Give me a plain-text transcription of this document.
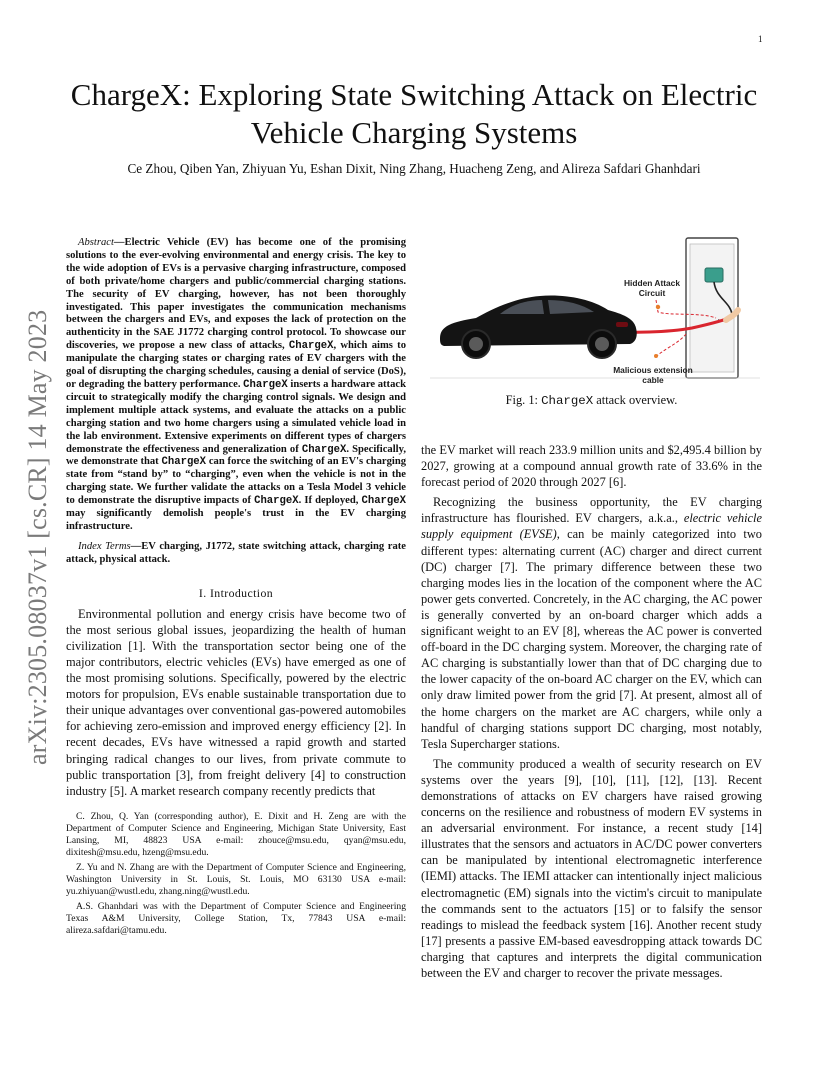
1
arXiv:2305.08037v1 [cs.CR] 14 May 2023
ChargeX: Exploring State Switching Attack on Electric Vehicle Charging Systems
Ce Zhou, Qiben Yan, Zhiyuan Yu, Eshan Dixit, Ning Zhang, Huacheng Zeng, and Alireza Safdari Ghanhdari

Abstract—Electric Vehicle (EV) has become one of the promising solutions to the ever-evolving environmental and energy crisis. The key to the wide adoption of EVs is a pervasive charging infrastructure, composed of both private/home chargers and public/commercial charging stations. The security of EV charging, however, has not been thoroughly investigated. This paper investigates the communication mechanisms between the chargers and EVs, and exposes the lack of protection on the authenticity in the SAE J1772 charging control protocol. To showcase our discoveries, we propose a new class of attacks, ChargeX, which aims to manipulate the charging states or charging rates of EV chargers with the goal of disrupting the charging schedules, causing a denial of service (DoS), or degrading the battery performance. ChargeX inserts a hardware attack circuit to strategically modify the charging control signals. We design and implement multiple attack systems, and evaluate the attacks on a public charging station and two home chargers using a simulated vehicle load in the lab environment. Extensive experiments on different types of chargers demonstrate the effectiveness and generalization of ChargeX. Specifically, we demonstrate that ChargeX can force the switching of an EV's charging state from “stand by” to “charging”, even when the vehicle is not in the charging state. We further validate the attacks on a Tesla Model 3 vehicle to demonstrate the disruptive impacts of ChargeX. If deployed, ChargeX may significantly demolish people's trust in the EV charging infrastructure.

Index Terms—EV charging, J1772, state switching attack, charging rate attack, physical attack.

I. Introduction

Environmental pollution and energy crisis have become two of the most serious global issues, jeopardizing the health of human civilization [1]. With the transportation sector being one of the major contributors, electric vehicles (EVs) have emerged as one of the most promising solutions. Specifically, powered by the electric motors for propulsion, EVs enable sustainable transportation due to their unique advantages over conventional gas-powered automobiles for achieving zero-emission and improved energy efficiency [2]. In recent decades, EVs have witnessed a rapid growth and started bringing radical changes to our lives, from private commute to public transportation [3], from freight delivery [4] to construction industry [5]. A market research company recently predicts that

C. Zhou, Q. Yan (corresponding author), E. Dixit and H. Zeng are with the Department of Computer Science and Engineering, Michigan State University, East Lansing, MI, 48823 USA e-mail: zhouce@msu.edu, qyan@msu.edu, dixitesh@msu.edu, hzeng@msu.edu.

Z. Yu and N. Zhang are with the Department of Computer Science and Engineering, Washington University in St. Louis, St. Louis, MO 63130 USA e-mail: yu.zhiyuan@wustl.edu, zhang.ning@wustl.edu.

A.S. Ghanhdari was with the Department of Computer Science and Engineering Texas A&M University, College Station, Tx, 77843 USA e-mail: alireza.safdari@tamu.edu.

Hidden Attack Circuit
Malicious extension cable
Fig. 1: ChargeX attack overview.

the EV market will reach 233.9 million units and $2,495.4 billion by 2027, growing at a compound annual growth rate of 33.6% in the forecast period of 2020 through 2027 [6].

Recognizing the business opportunity, the EV charging infrastructure has flourished. EV chargers, a.k.a., electric vehicle supply equipment (EVSE), can be mainly categorized into two different types: alternating current (AC) charger and direct current (DC) charger [7]. The primary difference between these two charging modes lies in the location of the component where the AC power gets converted. Concretely, in the AC charging, the AC power is generally converted by an on-board charger which adds a significant weight to an EV [8], whereas the AC power is converted off-board in the DC charging system. Moreover, the charging rate of AC charging is substantially lower than that of DC charging due to the lower capacity of the on-board AC charger on the EV, which can only draw limited power from the grid [7]. At present, almost all of the home chargers on the market are AC chargers, while only a handful of charging stations support DC charging, most notably, Tesla Supercharger stations.

The community produced a wealth of security research on EV systems over the years [9], [10], [11], [12], [13]. Recent demonstrations of attacks on EV chargers have raised growing concerns on the resilience and robustness of modern EV systems in an adversarial environment. For instance, a recent study [14] illustrates that the sensors and actuators in AC/DC power converters can be manipulated by intentional electromagnetic interference (IEMI) attacks. The IEMI attacker can intentionally inject malicious electromagnetic (EM) signals into the victim's circuit to manipulate the commands sent to the actuators [15] or to falsify the sensor readings to mislead the feedback system [16]. Another recent study [17] presents a passive EM-based eavesdropping attack towards DC charging that captures and interprets the digital communication between the EV and charger to recover the private messages.
